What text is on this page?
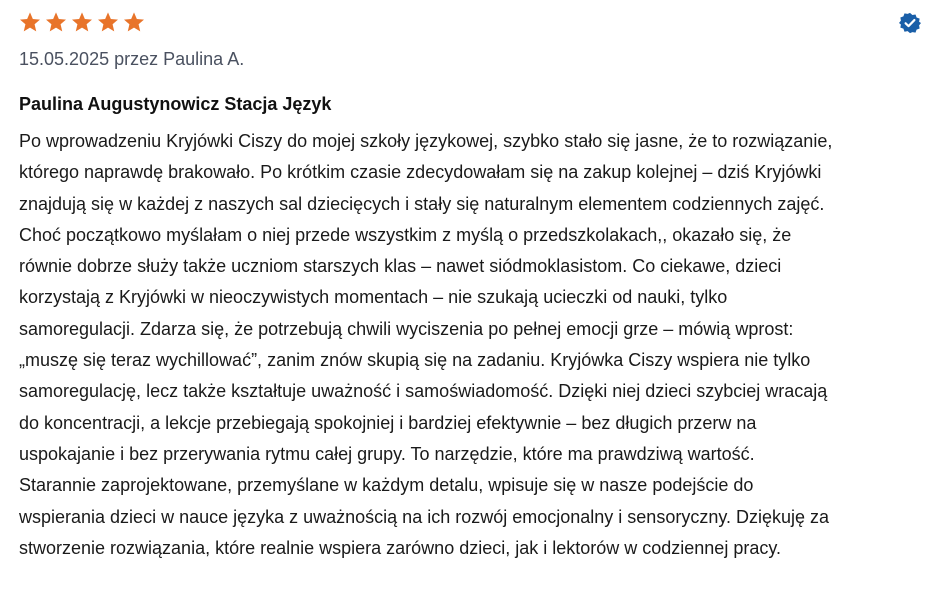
15.05.2025 przez Paulina A.
Paulina Augustynowicz Stacja Język
Po wprowadzeniu Kryjówki Ciszy do mojej szkoły językowej, szybko stało się jasne, że to rozwiązanie,
którego naprawdę brakowało. Po krótkim czasie zdecydowałam się na zakup kolejnej – dziś Kryjówki
znajdują się w każdej z naszych sal dziecięcych i stały się naturalnym elementem codziennych zajęć.
Choć początkowo myślałam o niej przede wszystkim z myślą o przedszkolakach,, okazało się, że
równie dobrze służy także uczniom starszych klas – nawet siódmoklasistom. Co ciekawe, dzieci
korzystają z Kryjówki w nieoczywistych momentach – nie szukają ucieczki od nauki, tylko
samoregulacji. Zdarza się, że potrzebują chwili wyciszenia po pełnej emocji grze – mówią wprost:
„muszę się teraz wychillować”, zanim znów skupią się na zadaniu. Kryjówka Ciszy wspiera nie tylko
samoregulację, lecz także kształtuje uważność i samoświadomość. Dzięki niej dzieci szybciej wracają
do koncentracji, a lekcje przebiegają spokojniej i bardziej efektywnie – bez długich przerw na
uspokajanie i bez przerywania rytmu całej grupy. To narzędzie, które ma prawdziwą wartość.
Starannie zaprojektowane, przemyślane w każdym detalu, wpisuje się w nasze podejście do
wspierania dzieci w nauce języka z uważnością na ich rozwój emocjonalny i sensoryczny. Dziękuję za
stworzenie rozwiązania, które realnie wspiera zarówno dzieci, jak i lektorów w codziennej pracy.
